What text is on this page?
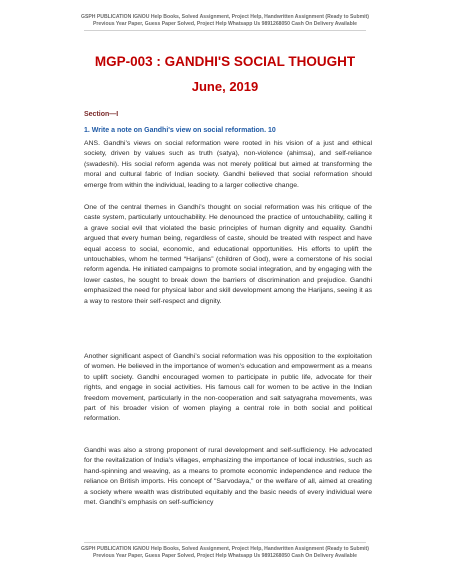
GSPH PUBLICATION IGNOU Help Books, Solved Assignment, Project Help, Handwritten Assignment (Ready to Submit)
Previous Year Paper, Guess Paper Solved, Project Help Whatsapp Us 9891268050 Cash On Delivery Available
MGP-003 : GANDHI'S SOCIAL THOUGHT
June, 2019
Section—I
1. Write a note on Gandhi's view on social reformation. 10

ANS. Gandhi’s views on social reformation were rooted in his vision of a just and ethical society, driven by values such as truth (satya), non-violence (ahimsa), and self-reliance (swadeshi). His social reform agenda was not merely political but aimed at transforming the moral and cultural fabric of Indian society. Gandhi believed that social reformation should emerge from within the individual, leading to a larger collective change.

One of the central themes in Gandhi’s thought on social reformation was his critique of the caste system, particularly untouchability. He denounced the practice of untouchability, calling it a grave social evil that violated the basic principles of human dignity and equality. Gandhi argued that every human being, regardless of caste, should be treated with respect and have equal access to social, economic, and educational opportunities. His efforts to uplift the untouchables, whom he termed “Harijans” (children of God), were a cornerstone of his social reform agenda. He initiated campaigns to promote social integration, and by engaging with the lower castes, he sought to break down the barriers of discrimination and prejudice. Gandhi emphasized the need for physical labor and skill development among the Harijans, seeing it as a way to restore their self-respect and dignity.

Another significant aspect of Gandhi’s social reformation was his opposition to the exploitation of women. He believed in the importance of women’s education and empowerment as a means to uplift society. Gandhi encouraged women to participate in public life, advocate for their rights, and engage in social activities. His famous call for women to be active in the Indian freedom movement, particularly in the non-cooperation and salt satyagraha movements, was part of his broader vision of women playing a central role in both social and political reformation.

Gandhi was also a strong proponent of rural development and self-sufficiency. He advocated for the revitalization of India’s villages, emphasizing the importance of local industries, such as hand-spinning and weaving, as a means to promote economic independence and reduce the reliance on British imports. His concept of "Sarvodaya," or the welfare of all, aimed at creating a society where wealth was distributed equitably and the basic needs of every individual were met. Gandhi’s emphasis on self-sufficiency

GSPH PUBLICATION IGNOU Help Books, Solved Assignment, Project Help, Handwritten Assignment (Ready to Submit)
Previous Year Paper, Guess Paper Solved, Project Help Whatsapp Us 9891268050 Cash On Delivery Available
